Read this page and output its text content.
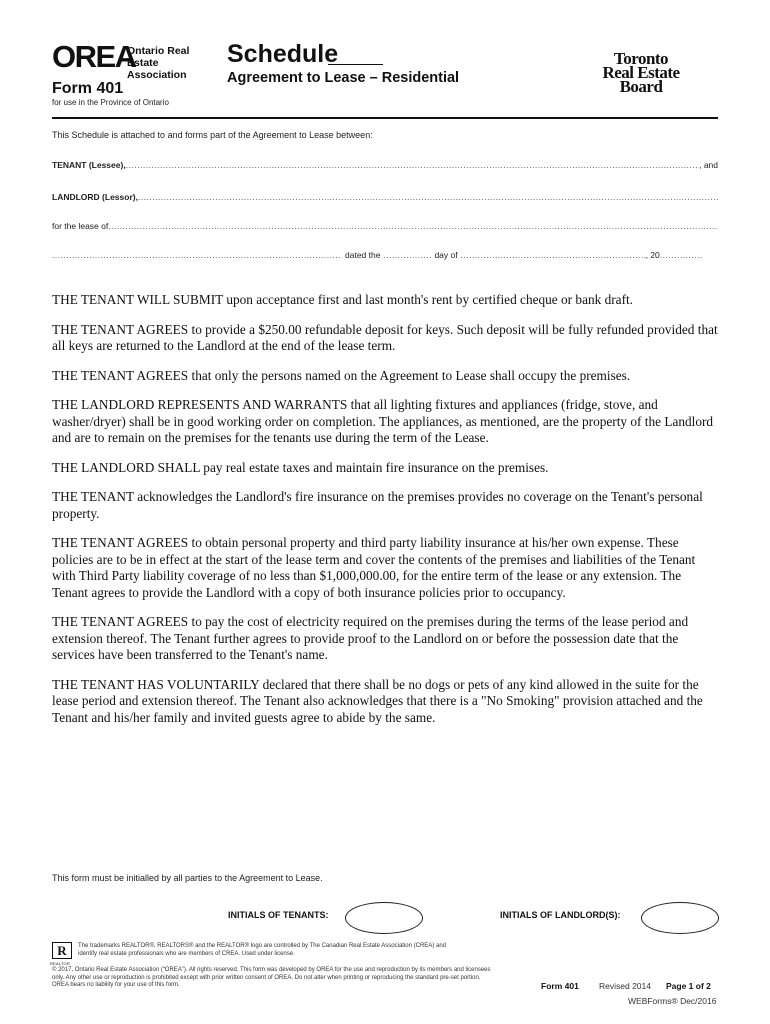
OREA
Ontario Real Estate Association
Form 401
for use in the Province of Ontario
Schedule
Agreement to Lease – Residential
Toronto Real Estate Board
This Schedule is attached to and forms part of the Agreement to Lease between:
TENANT (Lessee), .....	, and
LANDLORD (Lessor),
.....
for the lease of
.....
.....
dated the .....	day of .....	, 20
.....

THE TENANT WILL SUBMIT upon acceptance first and last month's rent by certified cheque or bank draft.

THE TENANT AGREES to provide a $250.00 refundable deposit for keys. Such deposit will be fully refunded provided that all keys are returned to the Landlord at the end of the lease term.

THE TENANT AGREES that only the persons named on the Agreement to Lease shall occupy the premises.

THE LANDLORD REPRESENTS AND WARRANTS that all lighting fixtures and appliances (fridge, stove, and washer/dryer) shall be in good working order on completion. The appliances, as mentioned, are the property of the Landlord and are to remain on the premises for the tenants use during the term of the Lease.

THE LANDLORD SHALL pay real estate taxes and maintain fire insurance on the premises.

THE TENANT acknowledges the Landlord's fire insurance on the premises provides no coverage on the Tenant's personal property.

THE TENANT AGREES to obtain personal property and third party liability insurance at his/her own expense. These policies are to be in effect at the start of the lease term and cover the contents of the premises and liabilities of the Tenant with Third Party liability coverage of no less than $1,000,000.00, for the entire term of the lease or any extension. The Tenant agrees to provide the Landlord with a copy of both insurance policies prior to occupancy.

THE TENANT AGREES to pay the cost of electricity required on the premises during the terms of the lease period and extension thereof. The Tenant further agrees to provide proof to the Landlord on or before the possession date that the services have been transferred to the Tenant's name.

THE TENANT HAS VOLUNTARILY declared that there shall be no dogs or pets of any kind allowed in the suite for the lease period and extension thereof. The Tenant also acknowledges that there is a "No Smoking" provision attached and the Tenant and his/her family and invited guests agree to abide by the same.

This form must be initialled by all parties to the Agreement to Lease.
INITIALS OF TENANTS:	INITIALS OF LANDLORD(S):
R
REALTOR
The trademarks REALTOR®, REALTORS® and the REALTOR® logo are controlled by The Canadian Real Estate Association (CREA) and identify real estate professionals who are members of CREA. Used under license.
© 2017, Ontario Real Estate Association (“OREA”). All rights reserved. This form was developed by OREA for the use and reproduction by its members and licensees only. Any other use or reproduction is prohibited except with prior written consent of OREA. Do not alter when printing or reproducing the standard pre-set portion. OREA bears no liability for your use of this form.	Form 401 Revised 2014 Page 1 of 2
WEBForms® Dec/2016
